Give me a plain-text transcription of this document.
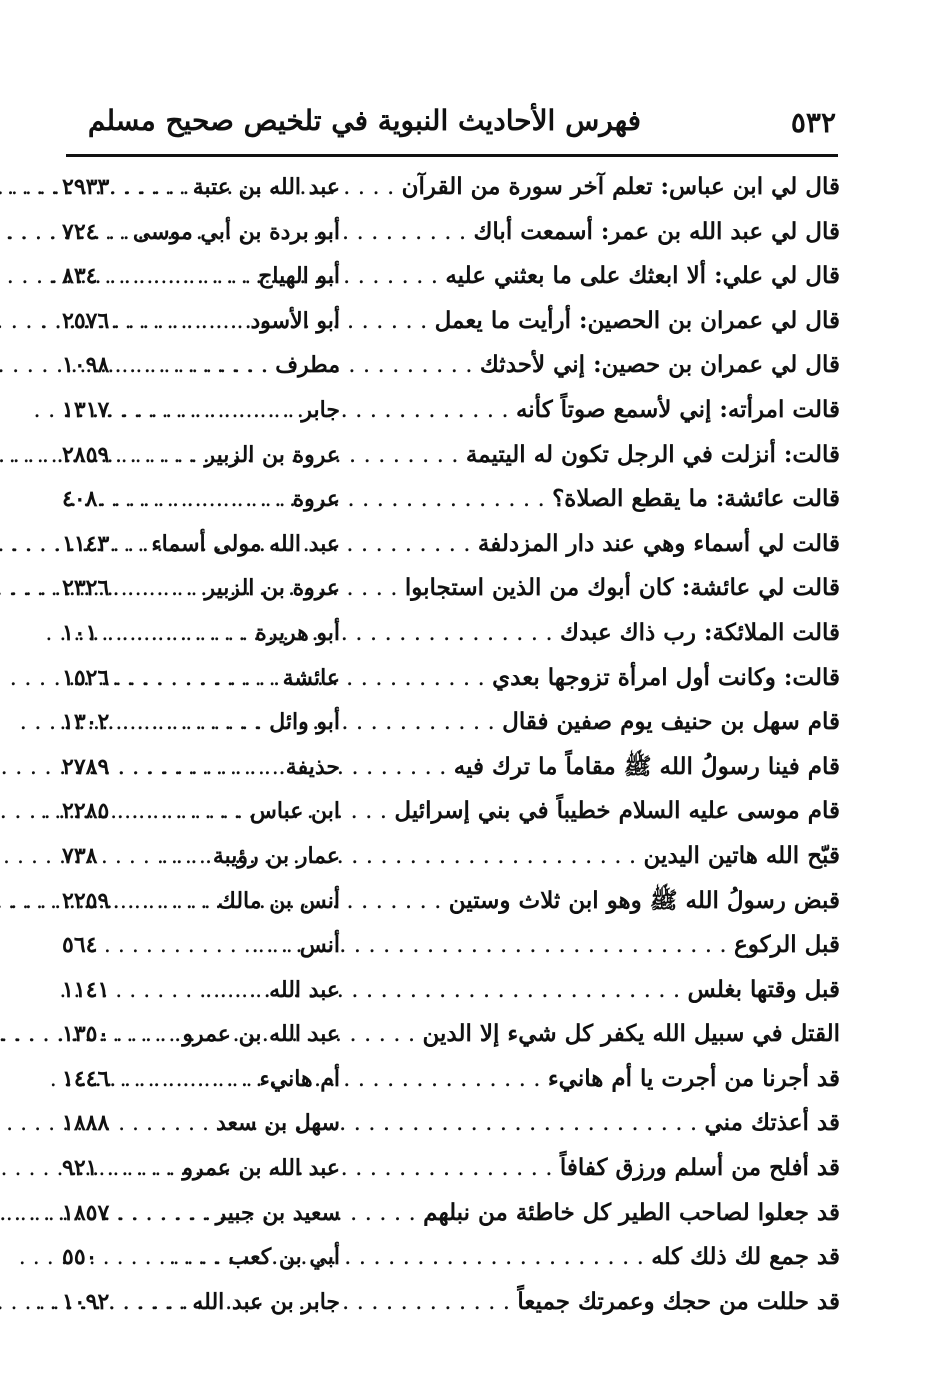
٥٣٢
فهرس الأحاديث النبوية في تلخيص صحيح مسلم
قال لي ابن عباس: تعلم آخر سورة من القرآن . . .
عبد الله بن عتبة . . .
٢٩٣٣
قال لي عبد الله بن عمر: أسمعت أباك . . .
أبو بردة بن أبي موسى . . .
٧٢٤
قال لي علي: ألا ابعثك على ما بعثني عليه . . .
أبو الهياج . . .
٨٣٤
قال لي عمران بن الحصين: أرأيت ما يعمل . . .
أبو الأسود . . .
٢٥٧٦
قال لي عمران بن حصين: إني لأحدثك . . .
مطرف . . .
١٠٩٨
قالت امرأته: إني لأسمع صوتاً كأنه . . .
جابر . . .
١٣١٧
قالت: أنزلت في الرجل تكون له اليتيمة . . .
عروة بن الزبير . . .
٢٨٥٩
قالت عائشة: ما يقطع الصلاة؟ . . .
عروة . . .
٤٠٨
قالت لي أسماء وهي عند دار المزدلفة . . .
عبد الله مولى أسماء . . .
١١٤٣
قالت لي عائشة: كان أبوك من الذين استجابوا . . .
عروة بن الزبير . . .
٢٣٢٦
قالت الملائكة: رب ذاك عبدك . . .
أبو هريرة . . .
١٠١
قالت: وكانت أول امرأة تزوجها بعدي . . .
عائشة . . .
١٥٢٦
قام سهل بن حنيف يوم صفين فقال . . .
أبو وائل . . .
١٣٠٢
قام فينا رسولُ الله ﷺ مقاماً ما ترك فيه . . .
حذيفة . . .
٢٧٨٩
قام موسى عليه السلام خطيباً في بني إسرائيل . . .
ابن عباس . . .
٢٢٨٥
قبّح الله هاتين اليدين . . .
عمار بن رؤيبة . . .
٧٣٨
قبض رسولُ الله ﷺ وهو ابن ثلاث وستين . . .
أنس بن مالك . . .
٢٢٥٩
قبل الركوع . . .
أنس . . .
٥٦٤
قبل وقتها بغلس . . .
عبد الله . . .
١١٤١
القتل في سبيل الله يكفر كل شيء إلا الدين . . .
عبد الله بن عمرو . . .
١٣٥٠
قد أجرنا من أجرت يا أم هانيء . . .
أم هانيء . . .
١٤٤٦
قد أعذتك مني . . .
سهل بن سعد . . .
١٨٨٨
قد أفلح من أسلم ورزق كفافاً . . .
عبد الله بن عمرو . . .
٩٢١
قد جعلوا لصاحب الطير كل خاطئة من نبلهم . . .
سعيد بن جبير . . .
١٨٥٧
قد جمع لك ذلك كله . . .
أبي بن كعب . . .
٥٥٠
قد حللت من حجك وعمرتك جميعاً . . .
جابر بن عبد الله . . .
١٠٩٢
